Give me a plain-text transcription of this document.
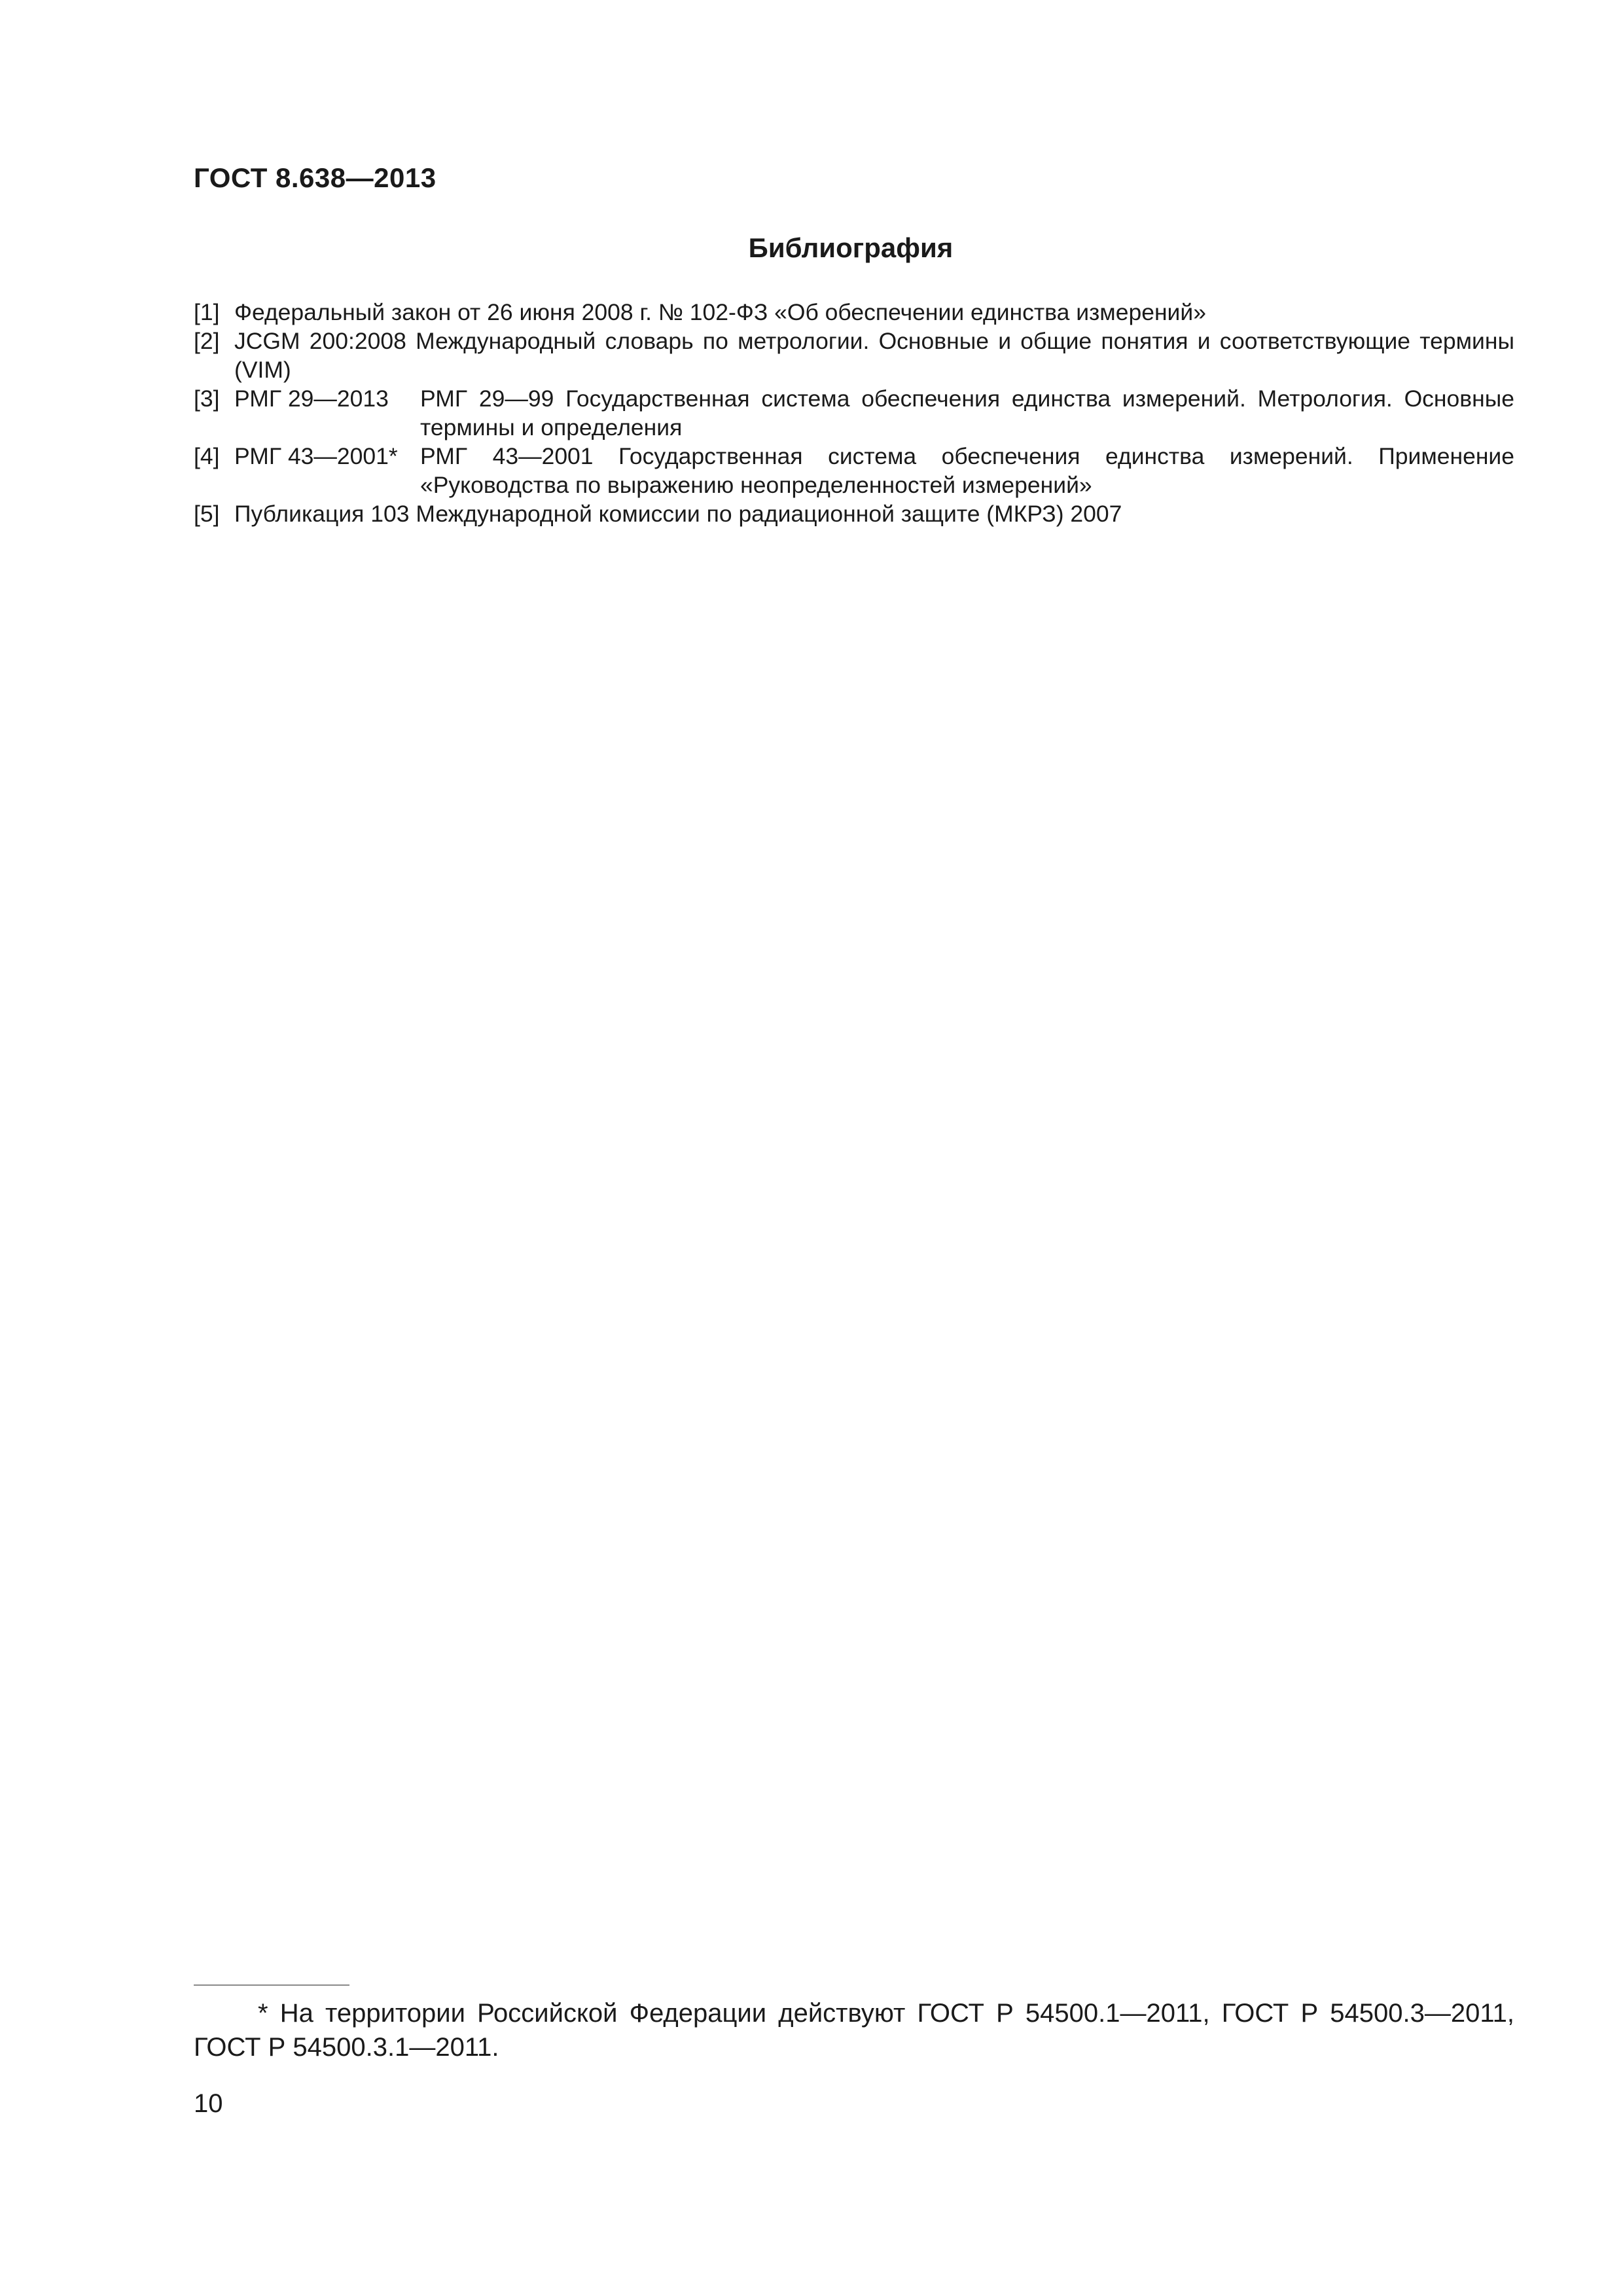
ГОСТ 8.638—2013
Библиография
[1] Федеральный закон от 26 июня 2008 г. № 102-ФЗ «Об обеспечении единства измерений»
[2] JCGM 200:2008 Международный словарь по метрологии. Основные и общие понятия и соответствующие термины (VIM)
[3] РМГ 29—2013	РМГ 29—99 Государственная система обеспечения единства измерений. Метрология. Основные термины и определения
[4] РМГ 43—2001* РМГ 43—2001 Государственная система обеспечения единства измерений. Применение «Руководства по выражению неопределенностей измерений»
[5] Публикация 103 Международной комиссии по радиационной защите (МКРЗ) 2007
* На территории Российской Федерации действуют ГОСТ Р 54500.1—2011, ГОСТ Р 54500.3—2011, ГОСТ Р 54500.3.1—2011.
10
